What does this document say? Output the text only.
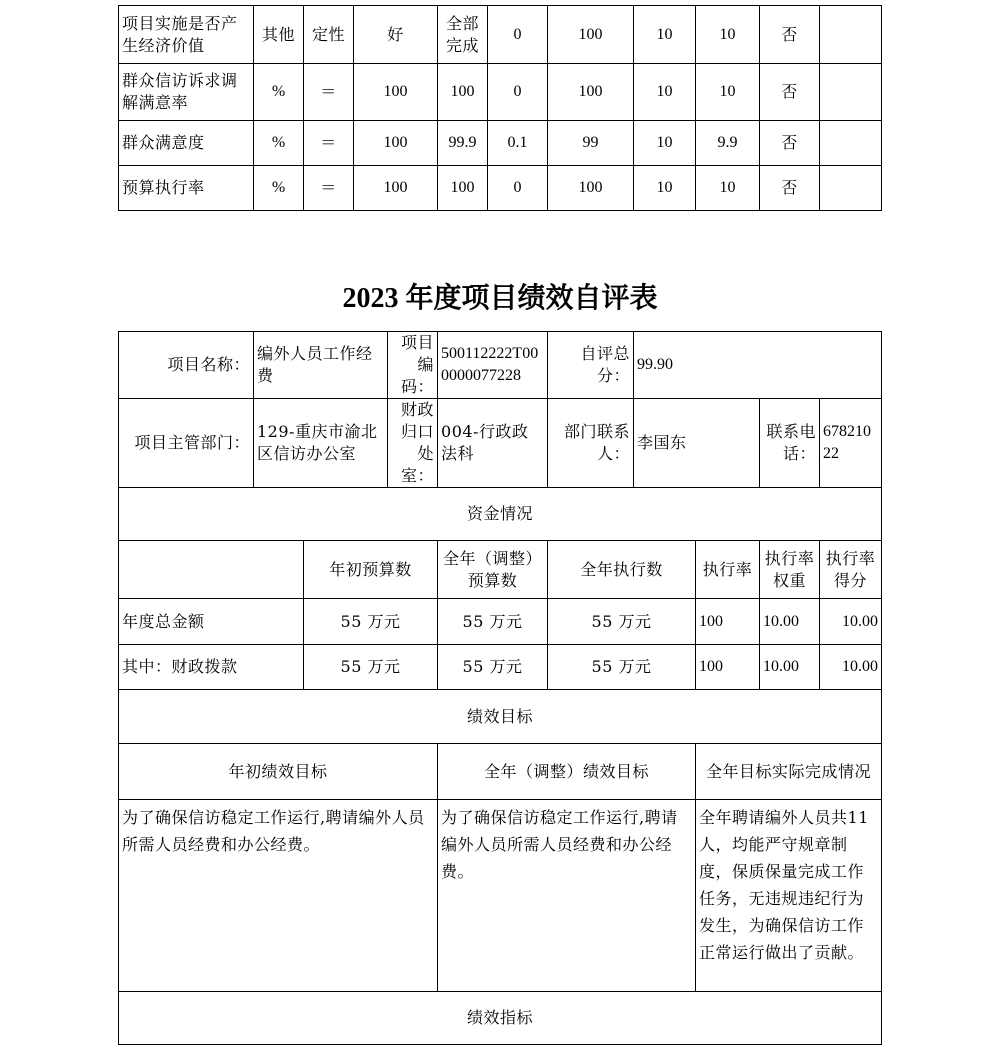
项目实施是否产生经济价值	其他	定性	好	全部完成	0	100	10	10	否	
群众信访诉求调解满意率	%	＝	100	100	0	100	10	10	否	
群众满意度	%	＝	100	99.9	0.1	99	10	9.9	否	
预算执行率	%	＝	100	100	0	100	10	10	否	
2023 年度项目绩效自评表
项目名称：	编外人员工作经费		项目编码：	500112222T000000077228	自评总分：	99.90			
项目主管部门：	129-重庆市渝北区信访办公室		财政归口处室：	004-行政政法科	部门联系人：	李国东		联系电话：	67821022
资金情况									
		年初预算数		全年（调整）预算数	全年执行数		执行率	执行率权重	执行率得分
年度总金额		55 万元		55 万元	55 万元		100	10.00	10.00
其中：财政拨款		55 万元		55 万元	55 万元		100	10.00	10.00
绩效目标									
年初绩效目标				全年（调整）绩效目标			全年目标实际完成情况		
为了确保信访稳定工作运行,聘请编外人员所需人员经费和办公经费。				为了确保信访稳定工作运行,聘请编外人员所需人员经费和办公经费。			全年聘请编外人员共11 人，均能严守规章制度，保质保量完成工作任务，无违规违纪行为发生，为确保信访工作正常运行做出了贡献。		
绩效指标									
